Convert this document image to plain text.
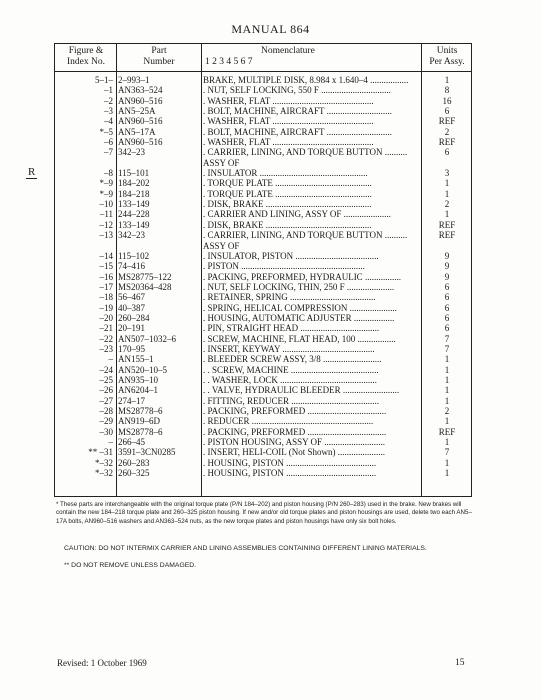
MANUAL 864
R
Figure &
Index No.
Part
Number
Nomenclature
1 2 3 4 5 6 7
Units
Per Assy.
5–1– 2–993–1	BRAKE, MULTIPLE DISK, 8.984 x 1.640–4 .................	1
–1 AN363–524	. NUT, SELF LOCKING, 550 F ...............................	8
–2 AN960–516	. WASHER, FLAT .............................................	16
–3 AN5–25A	. BOLT, MACHINE, AIRCRAFT .............................	6
–4 AN960–516	. WASHER, FLAT .............................................	REF
*–5 AN5–17A	. BOLT, MACHINE, AIRCRAFT .............................	2
–6 AN960–516	. WASHER, FLAT .............................................	REF
–7 342–23	. CARRIER, LINING, AND TORQUE BUTTON ..........	6
ASSY OF
–8 115–101	. INSULATOR ................................................	3
*–9 184–202	. TORQUE PLATE ...........................................	1
*–9 184–218	. TORQUE PLATE ...........................................	1
–10 133–149	. DISK, BRAKE ...............................................	2
–11 244–228	. CARRIER AND LINING, ASSY OF .....................	1
–12 133–149	. DISK, BRAKE ...............................................	REF
–13 342–23	. CARRIER, LINING, AND TORQUE BUTTON ..........	REF
ASSY OF
–14 115–102	. INSULATOR, PISTON .....................................	9
–15 74–416	. PISTON .......................................................	9
–16 MS28775–122	. PACKING, PREFORMED, HYDRAULIC ................	9
–17 MS20364–428	. NUT, SELF LOCKING, THIN, 250 F .....................	6
–18 56–467	. RETAINER, SPRING ......................................	6
–19 40–387	. SPRING, HELICAL COMPRESSION .....................	6
–20 260–284	. HOUSING, AUTOMATIC ADJUSTER ..................	6
–21 20–191	. PIN, STRAIGHT HEAD ...................................	6
–22 AN507–1032–6	. SCREW, MACHINE, FLAT HEAD, 100 .................	7
–23 170–95	. INSERT, KEYWAY .........................................	7
– AN155–1	. BLEEDER SCREW ASSY, 3/8 ..........................	1
–24 AN520–10–5	. . SCREW, MACHINE .......................................	1
–25 AN935–10	. . WASHER, LOCK ...........................................	1
–26 AN6204–1	. . VALVE, HYDRAULIC BLEEDER .........................	1
–27 274–17	. FITTING, REDUCER .......................................	1
–28 MS28778–6	. PACKING, PREFORMED ...................................	2
–29 AN919–6D	. REDUCER ......................................................	1
–30 MS28778–6	. PACKING, PREFORMED ...................................	REF
– 266–45	. PISTON HOUSING, ASSY OF ...........................	1
** –31 3591–3CN0285	. INSERT, HELI-COIL (Not Shown) .....................	7
*–32 260–283	. HOUSING, PISTON ........................................	1
*–32 260–325	. HOUSING, PISTON ........................................	1
* These parts are interchangeable with the original torque plate (P/N 184–202) and piston housing (P/N 260–283) used in the brake. New brakes will contain the new 184–218 torque plate and 260–325 piston housing. If new and/or old torque plates and piston housings are used, delete two each AN5–17A bolts, AN960–516 washers and AN363–524 nuts, as the new torque plates and piston housings have only six bolt holes.
CAUTION: DO NOT INTERMIX CARRIER AND LINING ASSEMBLIES CONTAINING DIFFERENT LINING MATERIALS.
** DO NOT REMOVE UNLESS DAMAGED.
Revised: 1 October 1969	15
